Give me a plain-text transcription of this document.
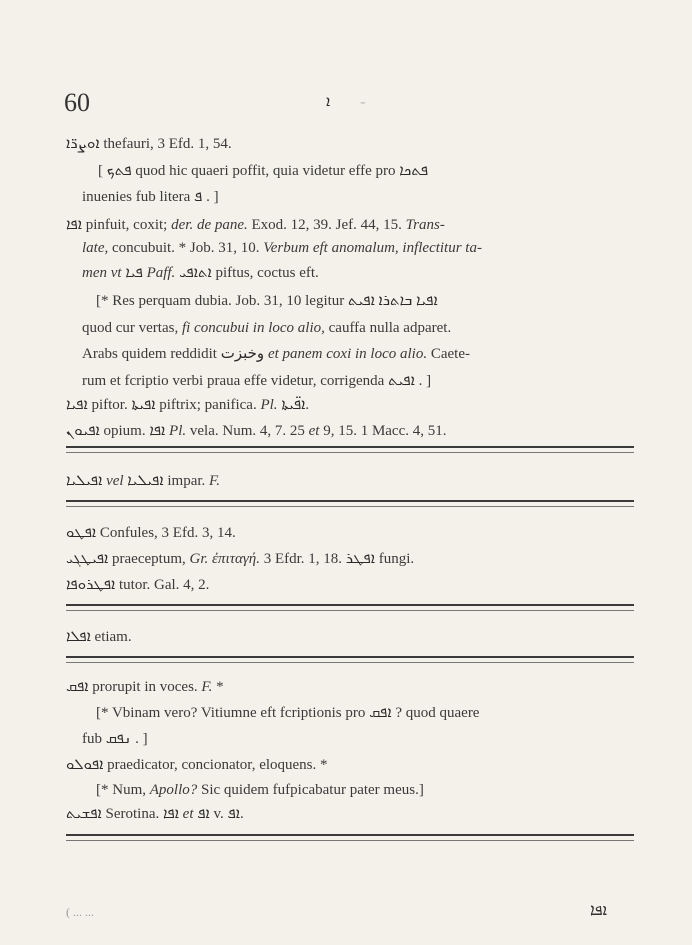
60	ܐ -
ܐܘܨܪ̈ܐ thefauri, 3 Efd. 1, 54.
[ ܦܬܟ quod hic quaeri poffit, quia videtur effe pro ܦܬܟܐ
inuenies fub litera ܦ . ]
ܐܦܐ pinfuit, coxit; der. de pane. Exod. 12, 39. Jef. 44, 15. Trans-
late, concubuit. * Job. 31, 10. Verbum eft anomalum, inflectitur ta-
men vt ܦܝܐ Paff. ܐܬܐܦܝ piftus, coctus eft.
[* Res perquam dubia. Job. 31, 10 legitur	ܐܦܝܐ ܒܐܬܪܐ ܐܦܝܬ
quod cur vertas, fi concubui in loco alio, cauffa nulla adparet.
Arabs quidem reddidit وخبزت et panem coxi in loco alio. Caete-
rum et fcriptio verbi praua effe videtur, corrigenda ܐܦܝܬ . ]
ܐܦܝܐ piftor. ܐܦܝܬܐ piftrix; panifica. Pl. ܐܦ̈ܝܬܐ.
ܐܦܝܘܢ opium. ܐܦܐ Pl. vela. Num. 4, 7. 25 et 9, 15. 1 Macc. 4, 51.
ܐܦܝܠܝܐ vel ܐܦܝܠܝܐ impar. F.
ܐܦܛܘ Confules, 3 Efd. 3, 14.
ܐܦܝܛܓܝ praeceptum, Gr. ἐπιταγή. 3 Efdr. 1, 18. ܐܦܛܪ fungi.
ܐܦܛܪܘܦܐ tutor. Gal. 4, 2.
ܐܦܠܐ etiam.
ܐܦܩ prorupit in voces. F. *
[* Vbinam vero? Vitiumne eft fcriptionis pro ܐܦܩ ? quod quaere
fub ܢܦܩ . ]
ܐܦܘܠܘ praedicator, concionator, eloquens. *
[* Num, Apollo? Sic quidem fufpicabatur pater meus.]
ܐܦܫܝܬ Serotina. ܐܦܐ et ܐܦ v. ܐܦ.
( ... ...	ܐܦܐ
